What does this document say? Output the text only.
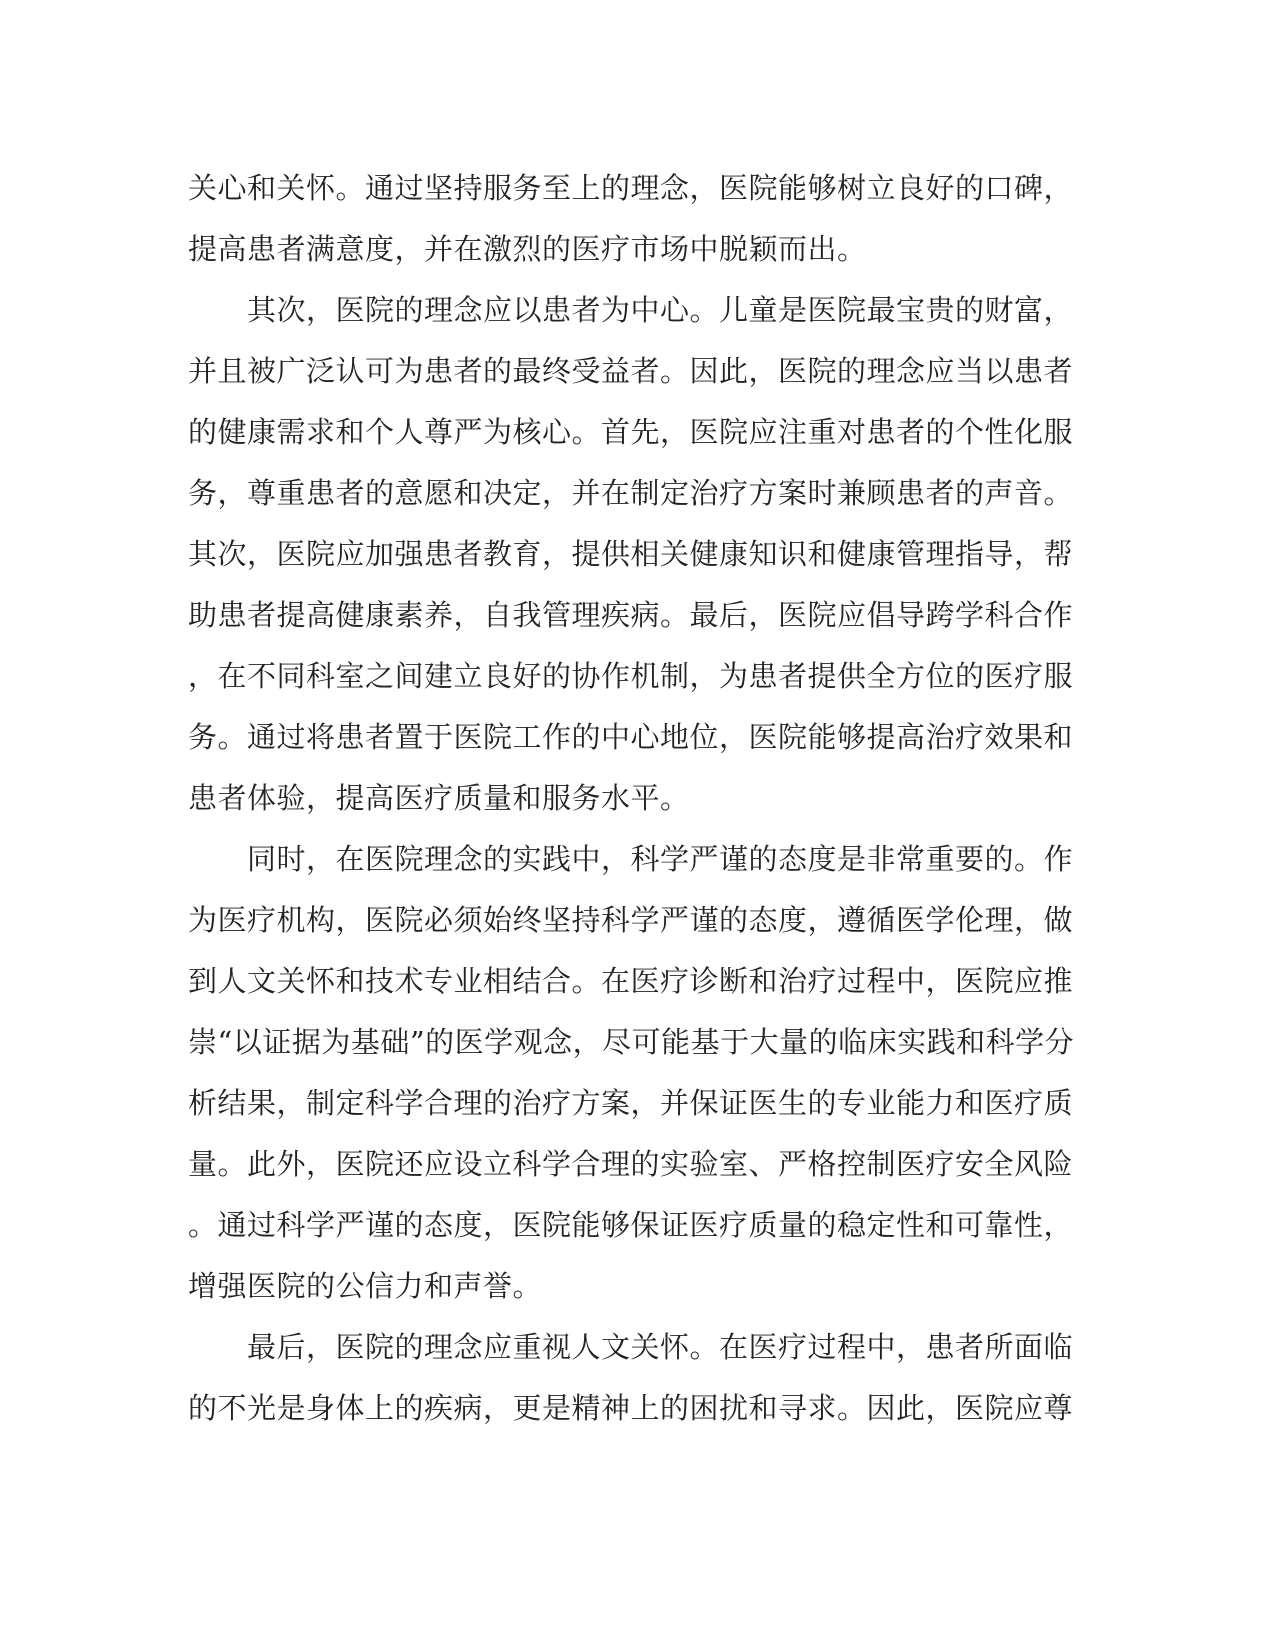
关心和关怀。通过坚持服务至上的理念，医院能够树立良好的口碑，
提高患者满意度，并在激烈的医疗市场中脱颖而出。
　　其次，医院的理念应以患者为中心。儿童是医院最宝贵的财富，
并且被广泛认可为患者的最终受益者。因此，医院的理念应当以患者
的健康需求和个人尊严为核心。首先，医院应注重对患者的个性化服
务，尊重患者的意愿和决定，并在制定治疗方案时兼顾患者的声音。
其次，医院应加强患者教育，提供相关健康知识和健康管理指导，帮
助患者提高健康素养，自我管理疾病。最后，医院应倡导跨学科合作
，在不同科室之间建立良好的协作机制，为患者提供全方位的医疗服
务。通过将患者置于医院工作的中心地位，医院能够提高治疗效果和
患者体验，提高医疗质量和服务水平。
　　同时，在医院理念的实践中，科学严谨的态度是非常重要的。作
为医疗机构，医院必须始终坚持科学严谨的态度，遵循医学伦理，做
到人文关怀和技术专业相结合。在医疗诊断和治疗过程中，医院应推
崇“以证据为基础”的医学观念，尽可能基于大量的临床实践和科学分
析结果，制定科学合理的治疗方案，并保证医生的专业能力和医疗质
量。此外，医院还应设立科学合理的实验室、严格控制医疗安全风险
。通过科学严谨的态度，医院能够保证医疗质量的稳定性和可靠性，
增强医院的公信力和声誉。
　　最后，医院的理念应重视人文关怀。在医疗过程中，患者所面临
的不光是身体上的疾病，更是精神上的困扰和寻求。因此，医院应尊
